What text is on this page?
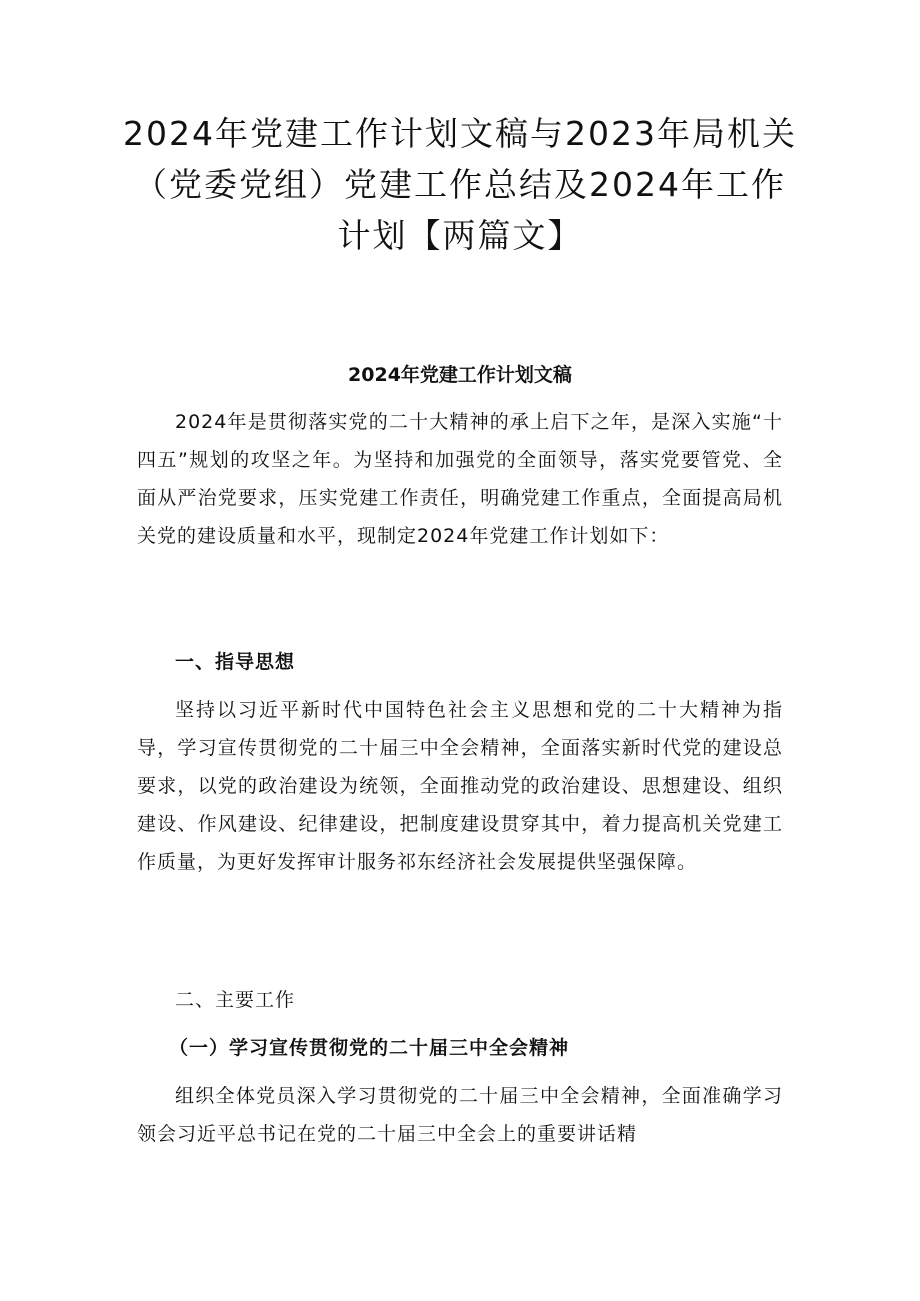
2024年党建工作计划文稿与2023年局机关（党委党组）党建工作总结及2024年工作计划【两篇文】
2024年党建工作计划文稿

2024年是贯彻落实党的二十大精神的承上启下之年，是深入实施“十四五”规划的攻坚之年。为坚持和加强党的全面领导，落实党要管党、全面从严治党要求，压实党建工作责任，明确党建工作重点，全面提高局机关党的建设质量和水平，现制定2024年党建工作计划如下：

一、指导思想

坚持以习近平新时代中国特色社会主义思想和党的二十大精神为指导，学习宣传贯彻党的二十届三中全会精神，全面落实新时代党的建设总要求，以党的政治建设为统领，全面推动党的政治建设、思想建设、组织建设、作风建设、纪律建设，把制度建设贯穿其中，着力提高机关党建工作质量，为更好发挥审计服务祁东经济社会发展提供坚强保障。

二、主要工作

（一）学习宣传贯彻党的二十届三中全会精神

组织全体党员深入学习贯彻党的二十届三中全会精神，全面准确学习领会习近平总书记在党的二十届三中全会上的重要讲话精
